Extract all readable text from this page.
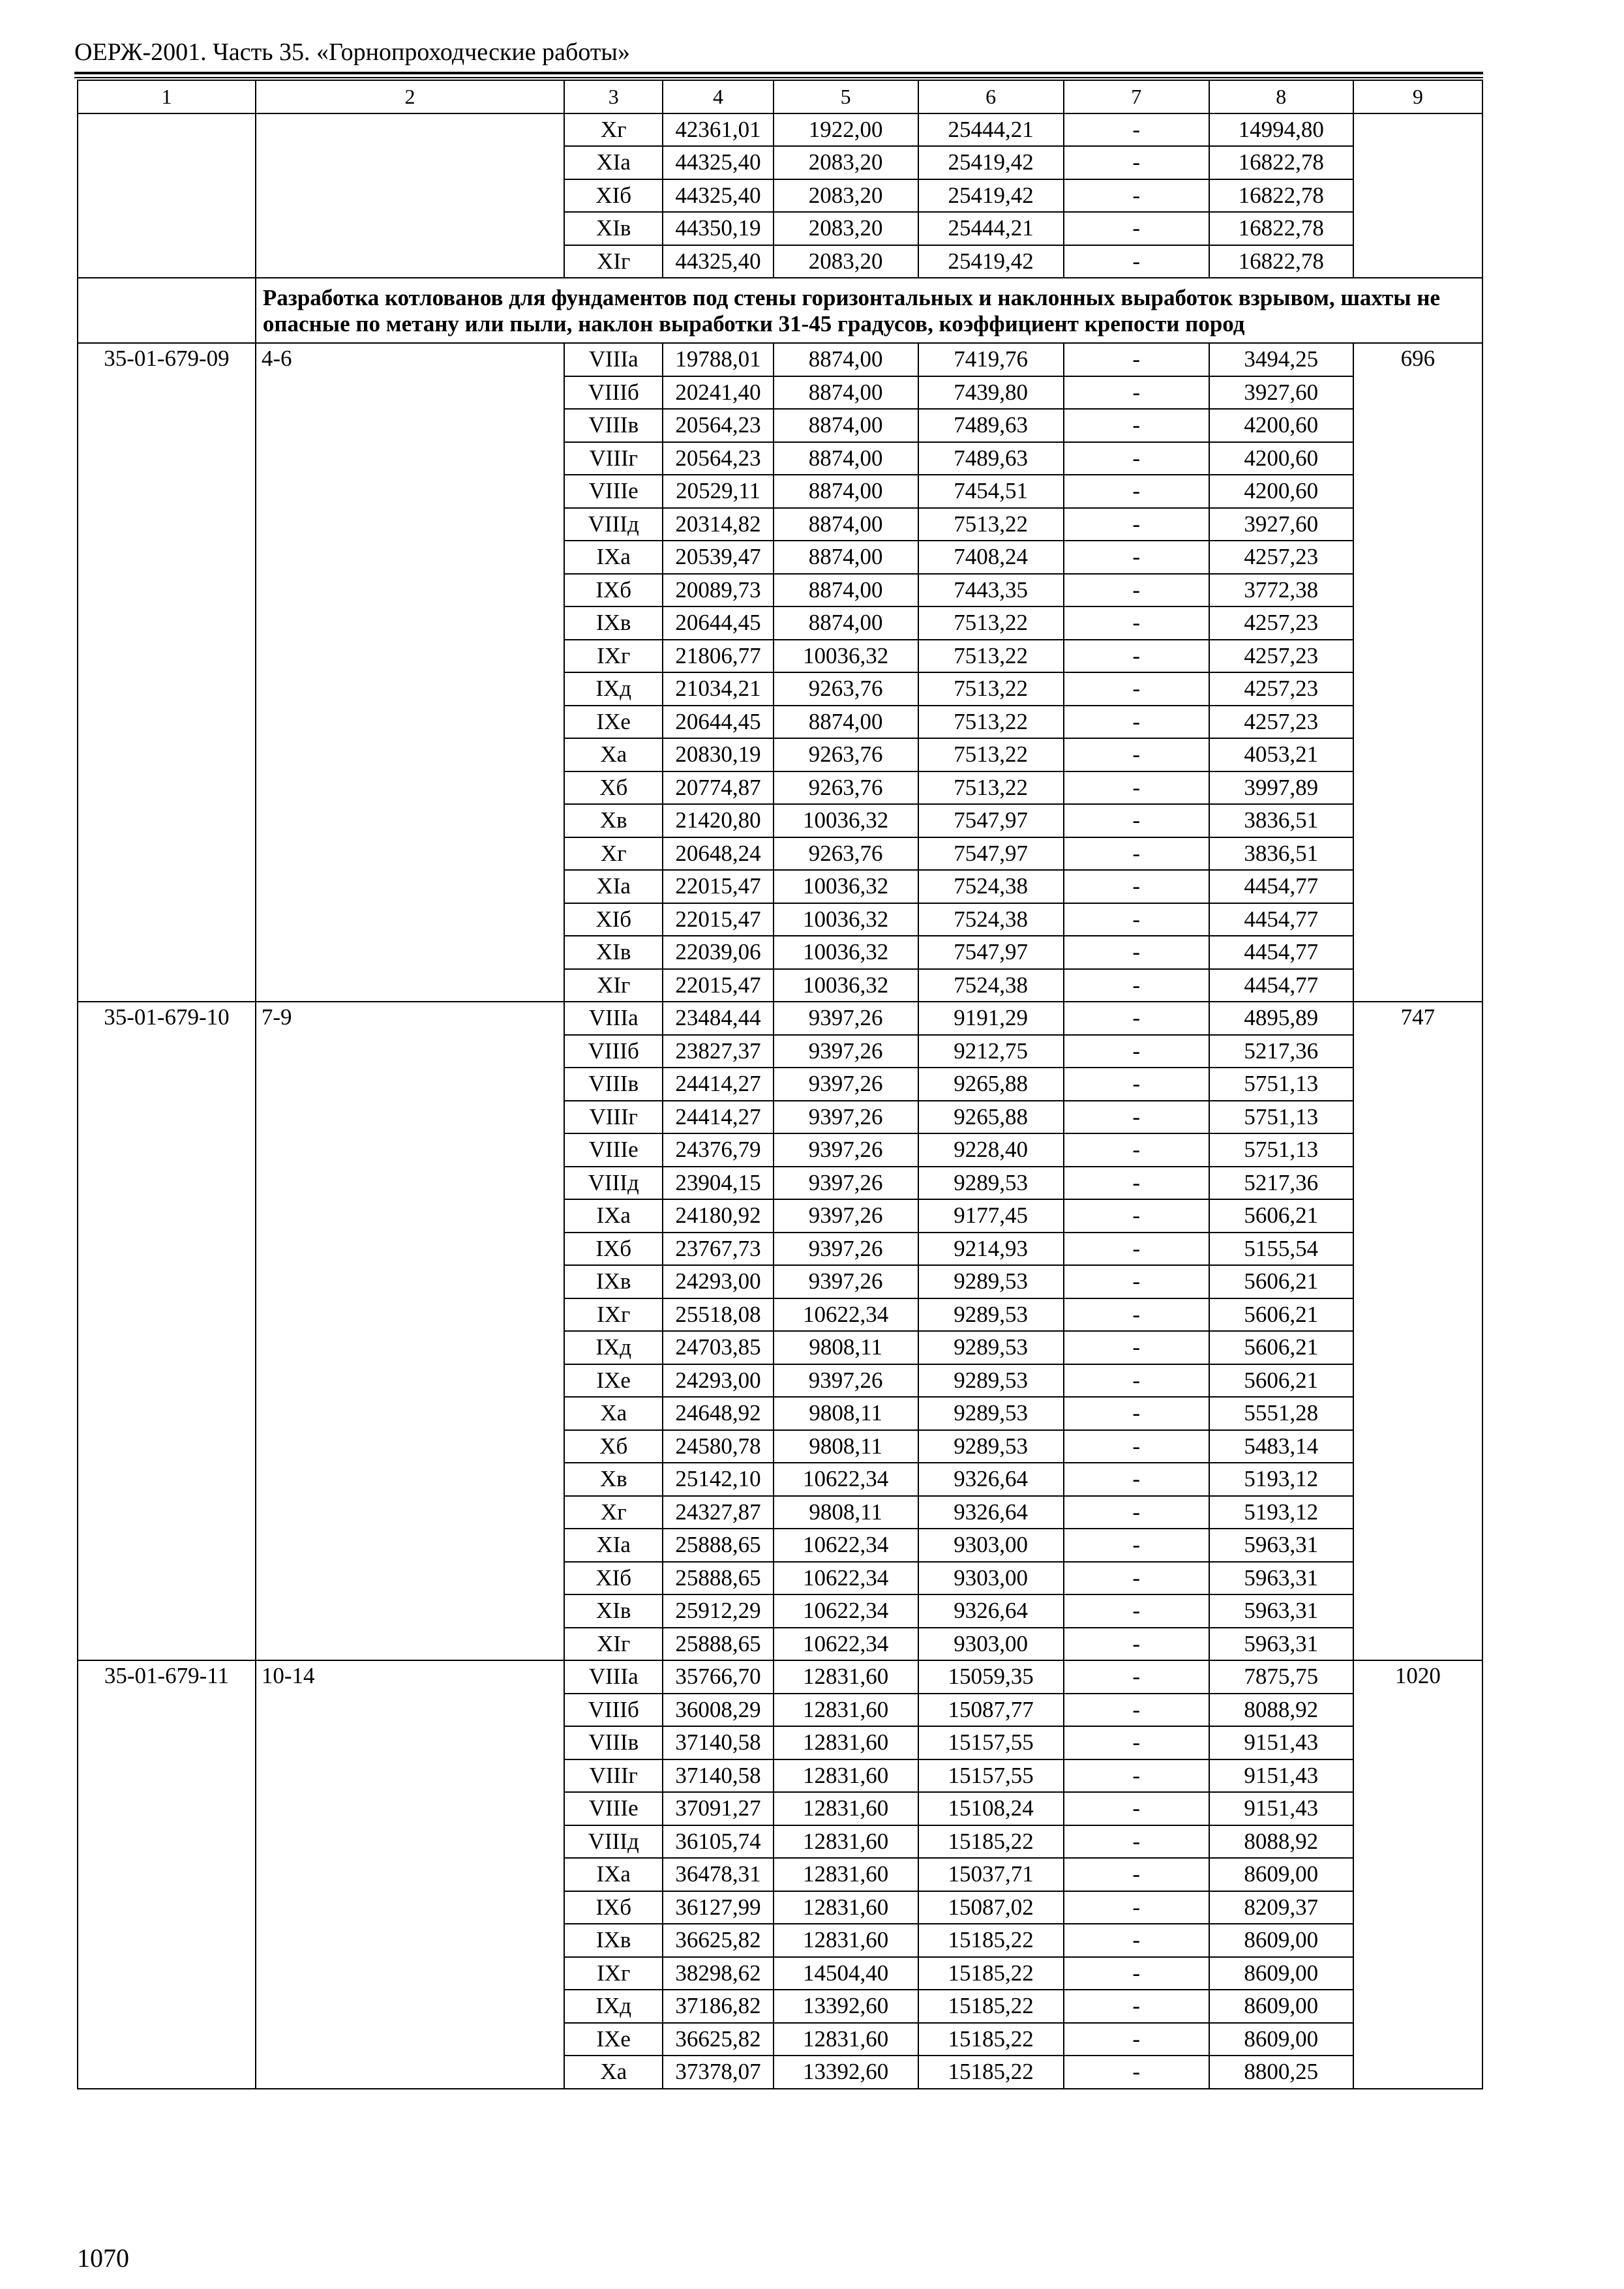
ОЕРЖ-2001. Часть 35. «Горнопроходческие работы»
1	2	3	4	5	6	7	8	9
		Xг	42361,01	1922,00	25444,21	-	14994,80	
		XIа	44325,40	2083,20	25419,42	-	16822,78	
		XIб	44325,40	2083,20	25419,42	-	16822,78	
		XIв	44350,19	2083,20	25444,21	-	16822,78	
		XIг	44325,40	2083,20	25419,42	-	16822,78	
	Разработка котлованов для фундаментов под стены горизонтальных и наклонных выработок взрывом, шахты не опасные по метану или пыли, наклон выработки 31-45 градусов, коэффициент крепости пород							
35-01-679-09	4-6	VIIIа	19788,01	8874,00	7419,76	-	3494,25	696
		VIIIб	20241,40	8874,00	7439,80	-	3927,60	
		VIIIв	20564,23	8874,00	7489,63	-	4200,60	
		VIIIг	20564,23	8874,00	7489,63	-	4200,60	
		VIIIе	20529,11	8874,00	7454,51	-	4200,60	
		VIIIд	20314,82	8874,00	7513,22	-	3927,60	
		IXа	20539,47	8874,00	7408,24	-	4257,23	
		IXб	20089,73	8874,00	7443,35	-	3772,38	
		IXв	20644,45	8874,00	7513,22	-	4257,23	
		IXг	21806,77	10036,32	7513,22	-	4257,23	
		IXд	21034,21	9263,76	7513,22	-	4257,23	
		IXе	20644,45	8874,00	7513,22	-	4257,23	
		Xа	20830,19	9263,76	7513,22	-	4053,21	
		Xб	20774,87	9263,76	7513,22	-	3997,89	
		Xв	21420,80	10036,32	7547,97	-	3836,51	
		Xг	20648,24	9263,76	7547,97	-	3836,51	
		XIа	22015,47	10036,32	7524,38	-	4454,77	
		XIб	22015,47	10036,32	7524,38	-	4454,77	
		XIв	22039,06	10036,32	7547,97	-	4454,77	
		XIг	22015,47	10036,32	7524,38	-	4454,77	
35-01-679-10	7-9	VIIIа	23484,44	9397,26	9191,29	-	4895,89	747
		VIIIб	23827,37	9397,26	9212,75	-	5217,36	
		VIIIв	24414,27	9397,26	9265,88	-	5751,13	
		VIIIг	24414,27	9397,26	9265,88	-	5751,13	
		VIIIе	24376,79	9397,26	9228,40	-	5751,13	
		VIIIд	23904,15	9397,26	9289,53	-	5217,36	
		IXа	24180,92	9397,26	9177,45	-	5606,21	
		IXб	23767,73	9397,26	9214,93	-	5155,54	
		IXв	24293,00	9397,26	9289,53	-	5606,21	
		IXг	25518,08	10622,34	9289,53	-	5606,21	
		IXд	24703,85	9808,11	9289,53	-	5606,21	
		IXе	24293,00	9397,26	9289,53	-	5606,21	
		Xа	24648,92	9808,11	9289,53	-	5551,28	
		Xб	24580,78	9808,11	9289,53	-	5483,14	
		Xв	25142,10	10622,34	9326,64	-	5193,12	
		Xг	24327,87	9808,11	9326,64	-	5193,12	
		XIа	25888,65	10622,34	9303,00	-	5963,31	
		XIб	25888,65	10622,34	9303,00	-	5963,31	
		XIв	25912,29	10622,34	9326,64	-	5963,31	
		XIг	25888,65	10622,34	9303,00	-	5963,31	
35-01-679-11	10-14	VIIIа	35766,70	12831,60	15059,35	-	7875,75	1020
		VIIIб	36008,29	12831,60	15087,77	-	8088,92	
		VIIIв	37140,58	12831,60	15157,55	-	9151,43	
		VIIIг	37140,58	12831,60	15157,55	-	9151,43	
		VIIIе	37091,27	12831,60	15108,24	-	9151,43	
		VIIIд	36105,74	12831,60	15185,22	-	8088,92	
		IXа	36478,31	12831,60	15037,71	-	8609,00	
		IXб	36127,99	12831,60	15087,02	-	8209,37	
		IXв	36625,82	12831,60	15185,22	-	8609,00	
		IXг	38298,62	14504,40	15185,22	-	8609,00	
		IXд	37186,82	13392,60	15185,22	-	8609,00	
		IXе	36625,82	12831,60	15185,22	-	8609,00	
		Xа	37378,07	13392,60	15185,22	-	8800,25	
1070
